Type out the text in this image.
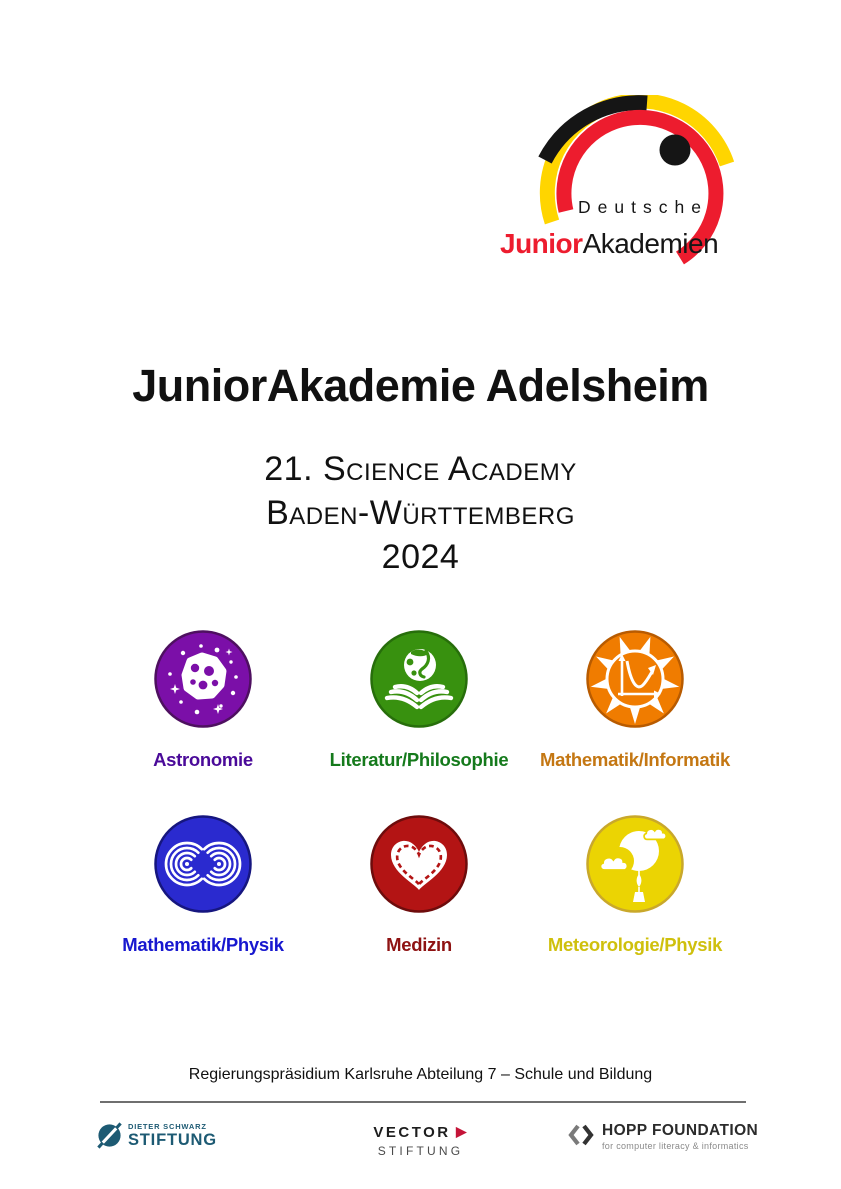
Deutsche
JuniorAkademien
JuniorAkademie Adelsheim
21. Science Academy
Baden-Württemberg
2024
Astronomie	Literatur/Philosophie Mathematik/Informatik
Mathematik/Physik	Medizin	Meteorologie/Physik
Regierungspräsidium Karlsruhe Abteilung 7 – Schule und Bildung
DIETER SCHWARZ
STIFTUNG	VECTOR
STIFTUNG
HOPP FOUNDATION
for computer literacy & informatics
